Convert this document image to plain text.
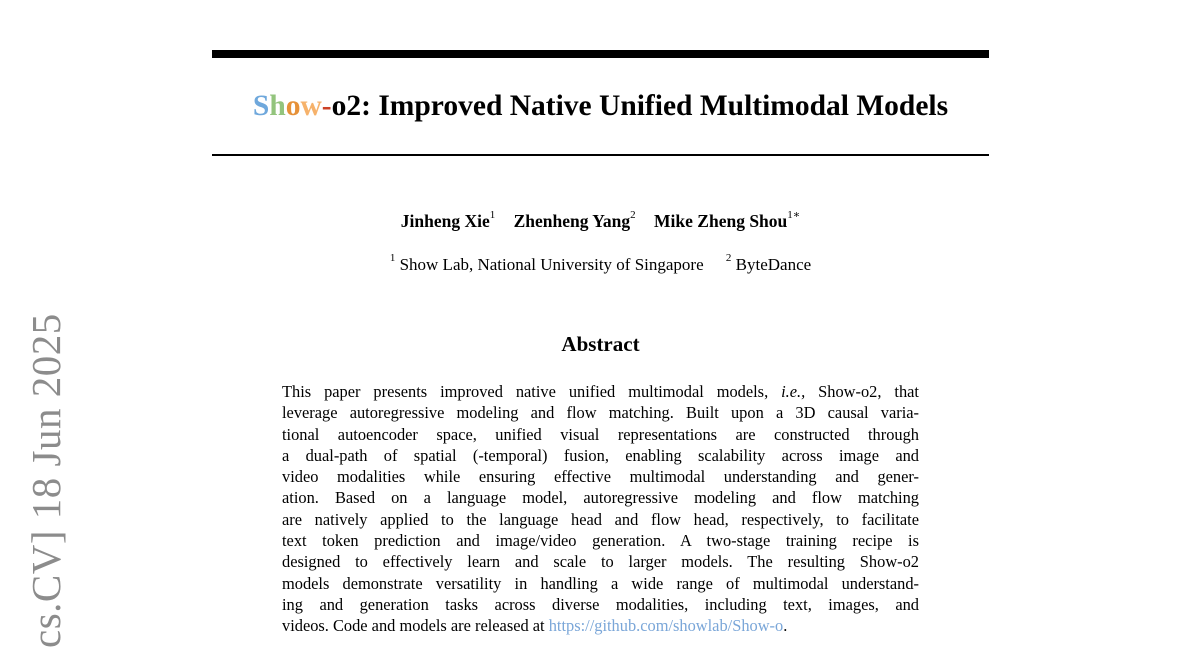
Show-o2: Improved Native Unified Multimodal Models
Jinheng Xie$^1$ Zhenheng Yang$^2$ Mike Zheng Shou$^{1∗}$
$^1$ Show Lab, National University of Singapore $^2$ ByteDance
Abstract
This paper presents improved native unified multimodal models, i.e., Show-o2, that
leverage autoregressive modeling and flow matching. Built upon a 3D causal varia-
tional autoencoder space, unified visual representations are constructed through
a dual-path of spatial (-temporal) fusion, enabling scalability across image and
video modalities while ensuring effective multimodal understanding and gener-
ation. Based on a language model, autoregressive modeling and flow matching
are natively applied to the language head and flow head, respectively, to facilitate
text token prediction and image/video generation. A two-stage training recipe is
designed to effectively learn and scale to larger models. The resulting Show-o2
models demonstrate versatility in handling a wide range of multimodal understand-
ing and generation tasks across diverse modalities, including text, images, and
videos. Code and models are released at https://github.com/showlab/Show-o.
cs.CV] 18 Jun 2025
